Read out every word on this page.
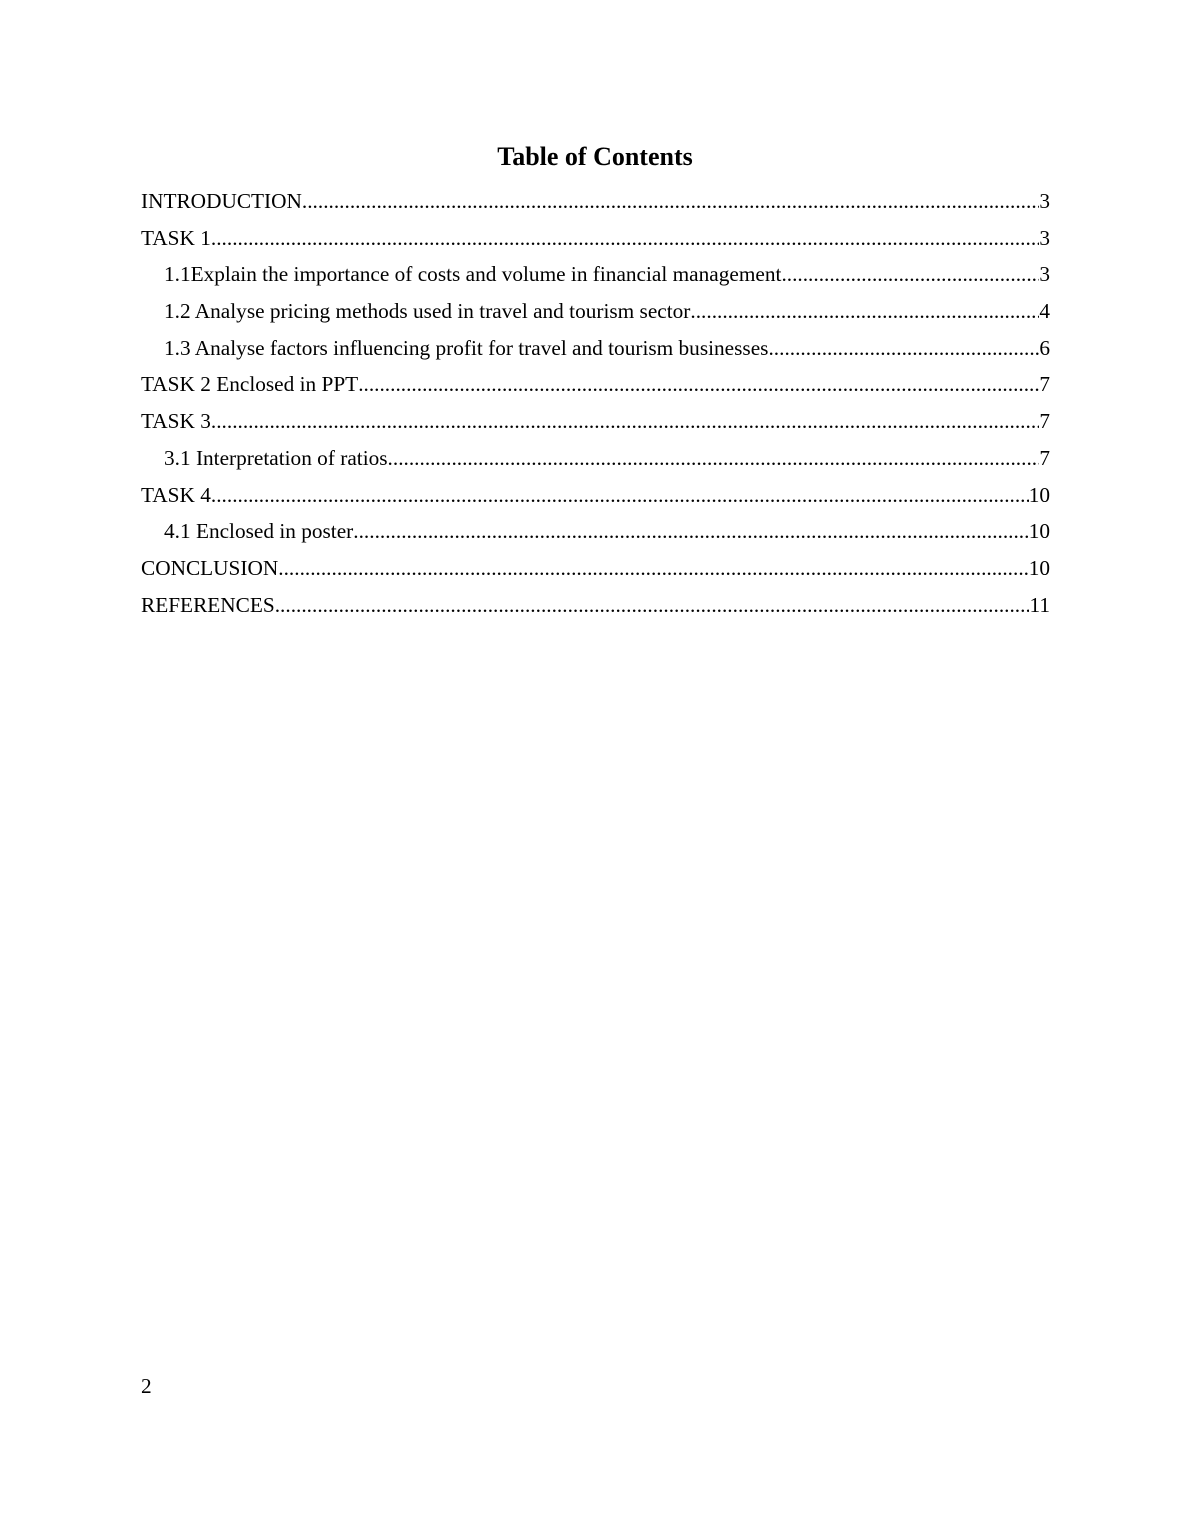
Table of Contents
INTRODUCTION .....	3
TASK 1 .....	3
1.1Explain the importance of costs and volume in financial management .....	3
1.2 Analyse pricing methods used in travel and tourism sector .....	4
1.3 Analyse factors influencing profit for travel and tourism businesses .....	6
TASK 2 Enclosed in PPT .....	7
TASK 3 .....	7
3.1 Interpretation of ratios .....	7
TASK 4 .....	10
4.1 Enclosed in poster .....	10
CONCLUSION .....	10
REFERENCES .....	11
2
